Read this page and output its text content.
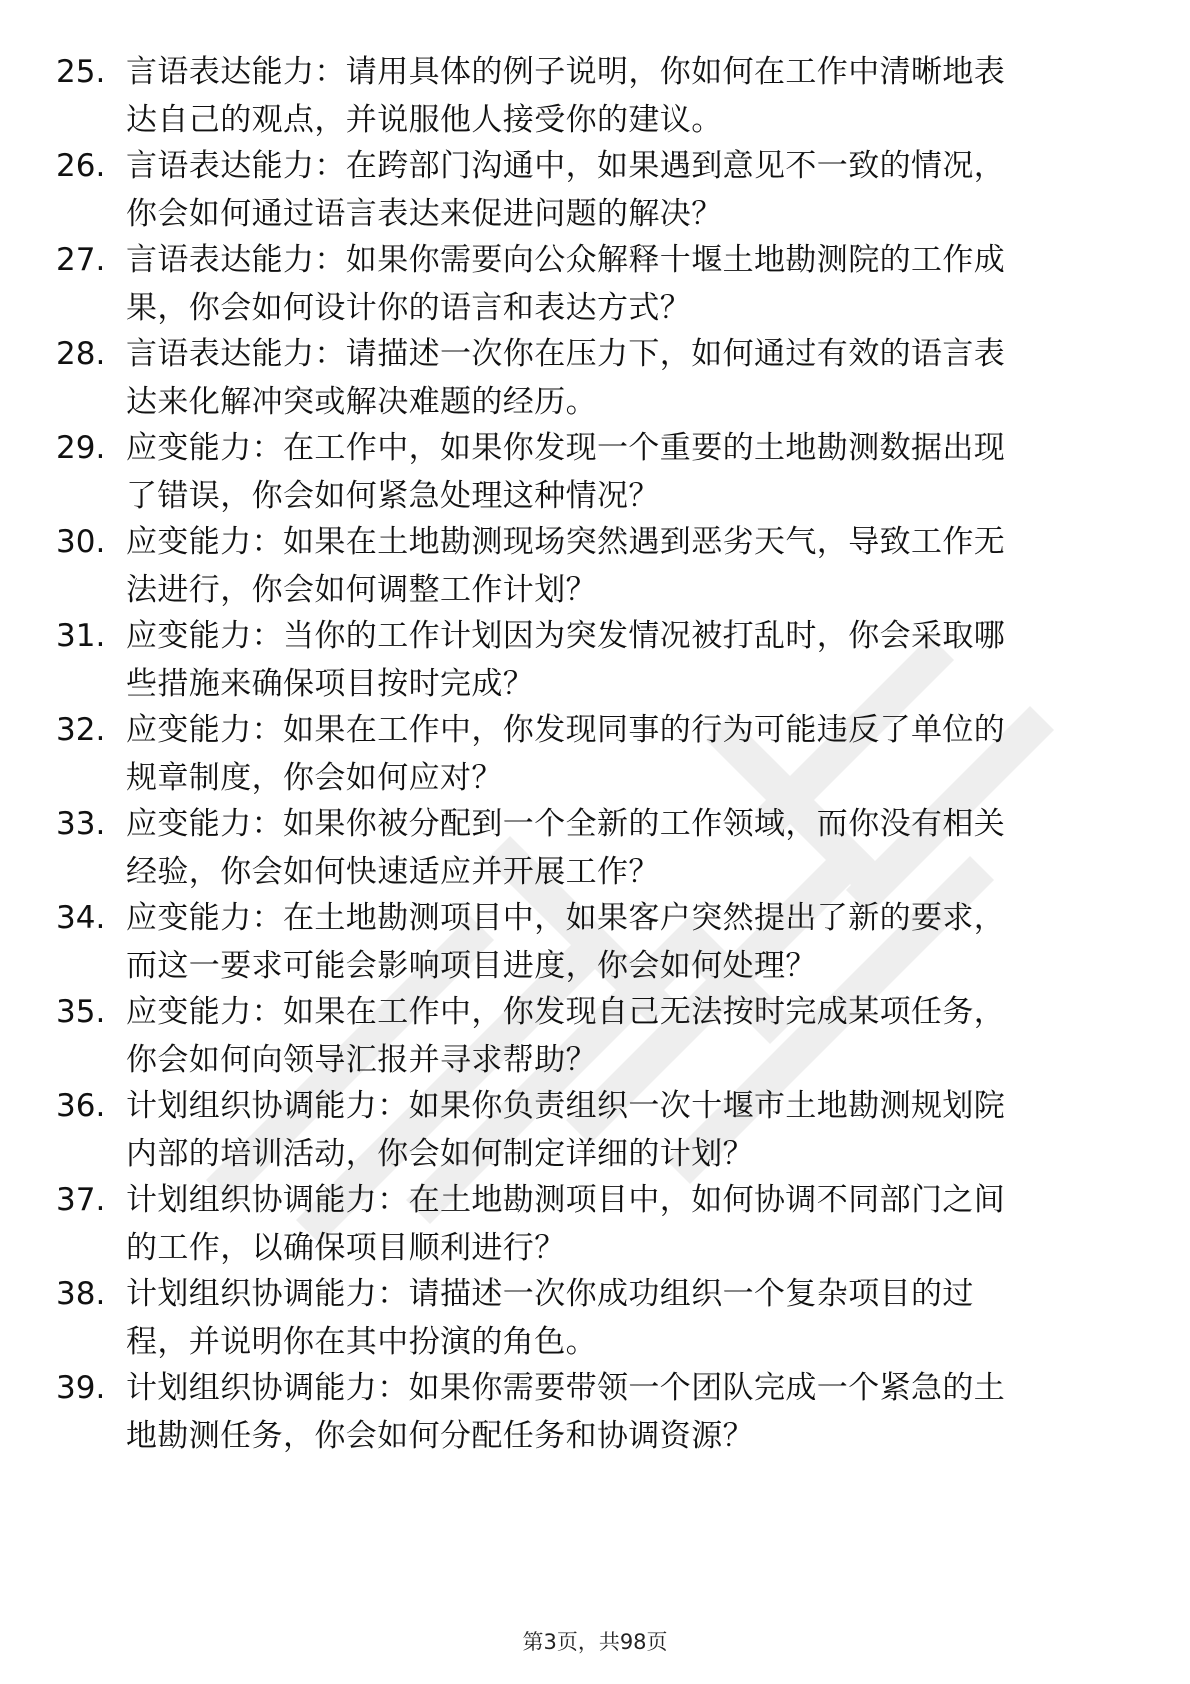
25. 言语表达能力：请用具体的例子说明，你如何在工作中清晰地表
达自己的观点，并说服他人接受你的建议。
26. 言语表达能力：在跨部门沟通中，如果遇到意见不一致的情况，
你会如何通过语言表达来促进问题的解决？
27. 言语表达能力：如果你需要向公众解释十堰土地勘测院的工作成
果，你会如何设计你的语言和表达方式？
28. 言语表达能力：请描述一次你在压力下，如何通过有效的语言表
达来化解冲突或解决难题的经历。
29. 应变能力：在工作中，如果你发现一个重要的土地勘测数据出现
了错误，你会如何紧急处理这种情况？
30. 应变能力：如果在土地勘测现场突然遇到恶劣天气，导致工作无
法进行，你会如何调整工作计划？
31. 应变能力：当你的工作计划因为突发情况被打乱时，你会采取哪
些措施来确保项目按时完成？
32. 应变能力：如果在工作中，你发现同事的行为可能违反了单位的
规章制度，你会如何应对？
33. 应变能力：如果你被分配到一个全新的工作领域，而你没有相关
经验，你会如何快速适应并开展工作？
34. 应变能力：在土地勘测项目中，如果客户突然提出了新的要求，
而这一要求可能会影响项目进度，你会如何处理？
35. 应变能力：如果在工作中，你发现自己无法按时完成某项任务，
你会如何向领导汇报并寻求帮助？
36. 计划组织协调能力：如果你负责组织一次十堰市土地勘测规划院
内部的培训活动，你会如何制定详细的计划？
37. 计划组织协调能力：在土地勘测项目中，如何协调不同部门之间
的工作，以确保项目顺利进行？
38. 计划组织协调能力：请描述一次你成功组织一个复杂项目的过
程，并说明你在其中扮演的角色。
39. 计划组织协调能力：如果你需要带领一个团队完成一个紧急的土
地勘测任务，你会如何分配任务和协调资源？
第3页，共98页
